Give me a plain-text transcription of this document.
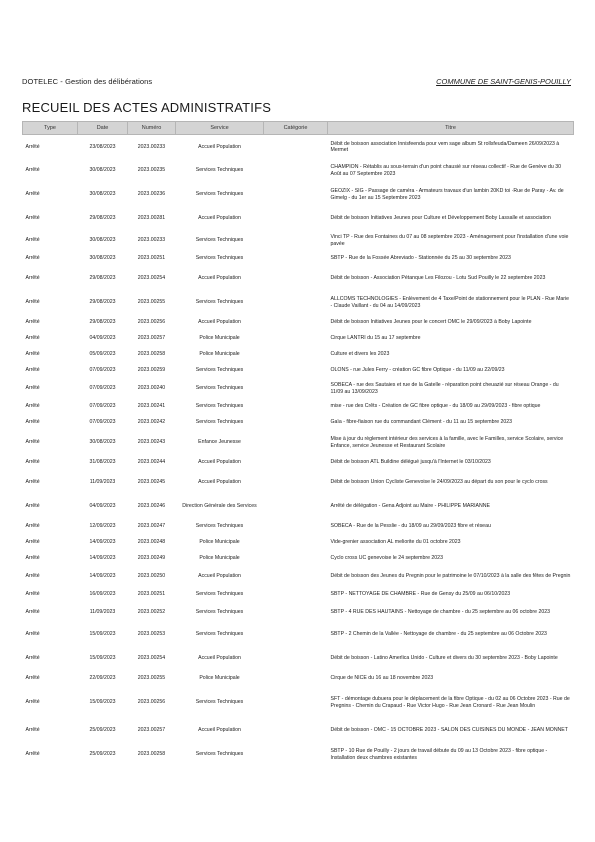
DOTELEC - Gestion des délibérations	COMMUNE DE SAINT-GENIS-POUILLY
RECUEIL DES ACTES ADMINISTRATIFS
Type	Date	Numéro	Service	Catégorie	Titre
Arrêté	23/08/2023	2023.00233	Accueil Population		Débit de boisson association Innisfeenda pour vem sage album St rollsfeuda/Dameen 26/09/2023 à Mermet
Arrêté	30/08/2023	2023.00235	Services Techniques		CHAMPION - Rétablis au sous-terrain d'un point chausié sur réseau collectif - Rue de Genève du 30 Août au 07 Septembre 2023
Arrêté	30/08/2023	2023.00236	Services Techniques		GEOZIX - SIG - Passage de caméra - Armateurs travaux d'un lambin 20KD toi ·Rue de Paray - Av. de Gimelg - du 1er au 15 Septembre 2023
Arrêté	29/08/2023	2023.00281	Accueil Population		Débit de boisson Initiatives Jeunes pour Culture et Développement Boby Lassalle et association
Arrêté	30/08/2023	2023.00233	Services Techniques		Vinci TP - Rue des Fontaines du 07 au 08 septembre 2023 - Aménagement pour l'installation d'une voie pavée
Arrêté	30/08/2023	2023.00251	Services Techniques		SBTP - Rue de la Fossée Abreviado - Stationnée du 25 au 30 septembre 2023
Arrêté	29/08/2023	2023.00254	Accueil Population		Débit de boisson - Association Pétanque Les Filozou - Lotu Sud Pouilly le 22 septembre 2023
Arrêté	29/08/2023	2023.00255	Services Techniques		ALLCOMS TECHNOLOGIES - Enlèvement de 4 Taxe/Point de stationnement pour le PLAN - Rue Marie - Claude Vaillant - du 04 au 14/09/2023
Arrêté	29/08/2023	2023.00256	Accueil Population		Débit de boisson Initiatives Jeunes pour le concert OMC le 29/09/2023 à Boby Lapointe
Arrêté	04/09/2023	2023.00257	Police Municipale		Cirque LANTRI du 15 au 17 septembre
Arrêté	05/09/2023	2023.00258	Police Municipale		Culture et divers les 2023
Arrêté	07/09/2023	2023.00259	Services Techniques		OLONS - rue Jules Ferry - création GC fibre Optique - du 11/09 au 22/09/23
Arrêté	07/09/2023	2023.00240	Services Techniques		SOBECA - rue des Sautaies et rue de la Gatelle - réparation point cheuazié sur réseau Orange - du 11/09 au 13/09/2023
Arrêté	07/09/2023	2023.00241	Services Techniques		mise - rue des Crêts - Création de GC fibre optique - du 18/09 au 29/09/2023 - fibre optique
Arrêté	07/09/2023	2023.00242	Services Techniques		Gaïa - fibre-fiaison rue du commandant Clément - du 11 au 15 septembre 2023
Arrêté	30/08/2023	2023.00243	Enfance Jeunesse		Mise à jour du règlement intérieur des services à la famille, avec le Familles, service Scolaire, service Enfance, service Jeunesse et Restaurant Scolaire
Arrêté	31/08/2023	2023.00244	Accueil Population		Débit de boisson ATL Buildine délégué jusqu'à l'Internet le 03/10/2023
Arrêté	11/09/2023	2023.00245	Accueil Population		Débit de boisson Union Cycliste Genevoise le 24/09/2023 au départ du son pour le cyclo cross
Arrêté	04/09/2023	2023.00246	Direction Générale des Services		Arrêté de délégation - Gena Adjoint au Maire - PHILIPPE MARIANNE
Arrêté	12/09/2023	2023.00247	Services Techniques		SOBECA - Rue de la Pesslie - du 18/09 au 29/09/2023 fibre et réseau
Arrêté	14/09/2023	2023.00248	Police Municipale		Vide-grenier association AL meliorite du 01 octobre 2023
Arrêté	14/09/2023	2023.00249	Police Municipale		Cyclo cross UC genevoise le 24 septembre 2023
Arrêté	14/09/2023	2023.00250	Accueil Population		Débit de boisson des Jeunes du Pregnin pour le patrimoine le 07/10/2023 à la salle des fêtes de Pregnin
Arrêté	16/09/2023	2023.00251	Services Techniques		SBTP - NETTOYAGE DE CHAMBRE - Rue de Gensy du 25/09 au 06/10/2023
Arrêté	11/09/2023	2023.00252	Services Techniques		SBTP - 4 RUE DES HAUTAINS - Nettoyage de chambre - du 25 septembre au 06 octobre 2023
Arrêté	15/09/2023	2023.00253	Services Techniques		SBTP - 2 Chemin de la Vallée - Nettoyage de chambre - du 25 septembre au 06 Octobre 2023
Arrêté	15/09/2023	2023.00254	Accueil Population		Débit de boisson - Latino Amerlica Unido - Culture et divers du 30 septembre 2023 - Boby Lapointe
Arrêté	22/09/2023	2023.00255	Police Municipale		Cirque de NICE du 16 au 18 novembre 2023
Arrêté	15/09/2023	2023.00256	Services Techniques		SFT - démontage dubuera pour le déplacement de la fibre Optique - du 02 au 06 Octobre 2023 - Rue de Pregnins - Chemin du Crapaud - Rue Victor Hugo - Rue Jean Cronard - Rue Jean Moulin
Arrêté	25/09/2023	2023.00257	Accueil Population		Débit de boisson - OMC - 15 OCTOBRE 2023 - SALON DES CUISINES DU MONDE - JEAN MONNET
Arrêté	25/09/2023	2023.00258	Services Techniques		SBTP - 10 Rue de Pouilly - 2 jours de travail débute du 09 au 13 Octobre 2023 - fibre optique - Installation deux chambres existantes
